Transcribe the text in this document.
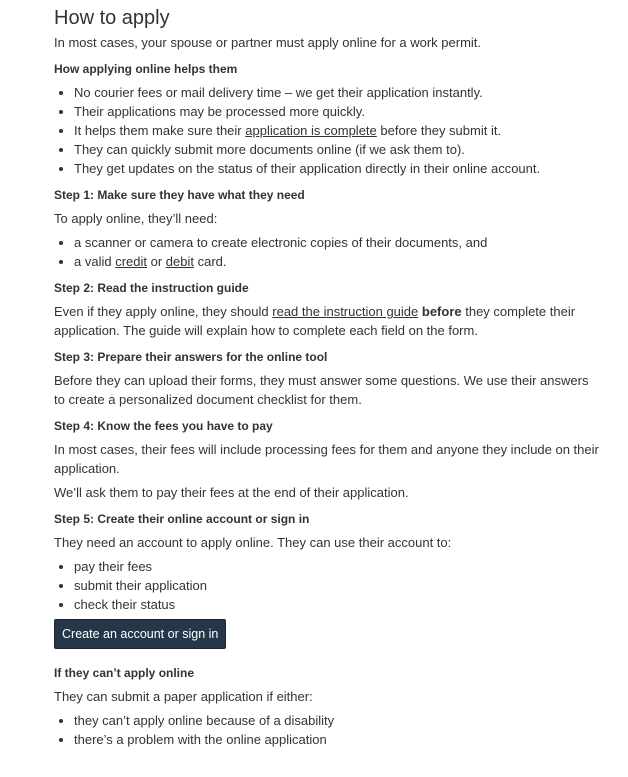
How to apply

In most cases, your spouse or partner must apply online for a work permit.

How applying online helps them
• No courier fees or mail delivery time – we get their application instantly.
• Their applications may be processed more quickly.
• It helps them make sure their application is complete before they submit it.
• They can quickly submit more documents online (if we ask them to).
• They get updates on the status of their application directly in their online account.
Step 1: Make sure they have what they need

To apply online, they’ll need:

• a scanner or camera to create electronic copies of their documents, and
• a valid credit or debit card.
Step 2: Read the instruction guide

Even if they apply online, they should read the instruction guide before they complete their application. The guide will explain how to complete each field on the form.

Step 3: Prepare their answers for the online tool

Before they can upload their forms, they must answer some questions. We use their answers to create a personalized document checklist for them.

Step 4: Know the fees you have to pay

In most cases, their fees will include processing fees for them and anyone they include on their application.

We’ll ask them to pay their fees at the end of their application.

Step 5: Create their online account or sign in

They need an account to apply online. They can use their account to:

• pay their fees
• submit their application
• check their status
Create an account or sign in
If they can’t apply online

They can submit a paper application if either:

• they can’t apply online because of a disability
• there’s a problem with the online application
